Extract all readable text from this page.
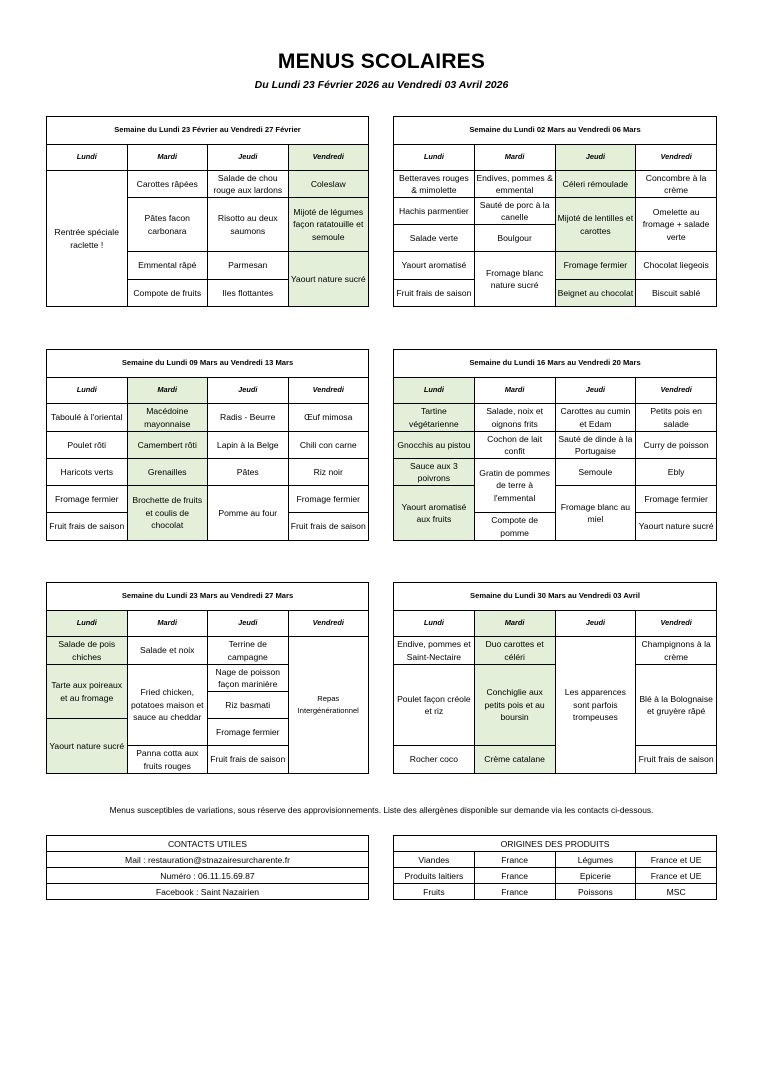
MENUS SCOLAIRES
Du Lundi 23 Février 2026 au Vendredi 03 Avril 2026
Semaine du Lundi 23 Février au Vendredi 27 Février			
Lundi	Mardi	Jeudi	Vendredi
Rentrée spéciale raclette !	Carottes râpées	Salade de chou rouge aux lardons	Coleslaw
	Pâtes facon carbonara	Risotto au deux saumons	Mijoté de légumes façon ratatouille et semoule
	Emmental râpé	Parmesan	Yaourt nature sucré
	Compote de fruits	Iles flottantes	
Semaine du Lundi 02 Mars au Vendredi 06 Mars			
Lundi	Mardi	Jeudi	Vendredi
Betteraves rouges & mimolette	Endives, pommes & emmental	Céleri rémoulade	Concombre à la crème
Hachis parmentier	Sauté de porc à la canelle	Mijoté de lentilles et carottes	Omelette au fromage + salade verte
Salade verte	Boulgour		
Yaourt aromatisé	Fromage blanc nature sucré	Fromage fermier	Chocolat liegeois
Fruit frais de saison		Beignet au chocolat	Biscuit sablé
Semaine du Lundi 09 Mars au Vendredi 13 Mars			
Lundi	Mardi	Jeudi	Vendredi
Taboulé à l'oriental	Macédoine mayonnaise	Radis - Beurre	Œuf mimosa
Poulet rôti	Camembert rôti	Lapin à la Belge	Chili con carne
Haricots verts	Grenailles	Pâtes	Riz noir
Fromage fermier	Brochette de fruits et coulis de chocolat	Pomme au four	Fromage fermier
Fruit frais de saison			Fruit frais de saison
Semaine du Lundi 16 Mars au Vendredi 20 Mars			
Lundi	Mardi	Jeudi	Vendredi
Tartine végétarienne	Salade, noix et oignons frits	Carottes au cumin et Edam	Petits pois en salade
Gnocchis au pistou	Cochon de lait confit	Sauté de dinde à la Portugaise	Curry de poisson
Sauce aux 3 poivrons	Gratin de pommes de terre à l'emmental	Semoule	Ebly
Yaourt aromatisé aux fruits		Fromage blanc au miel	Fromage fermier
	Compote de pomme		Yaourt nature sucré
Semaine du Lundi 23 Mars au Vendredi 27 Mars			
Lundi	Mardi	Jeudi	Vendredi
Salade de pois chiches	Salade et noix	Terrine de campagne	Repas Intergénérationnel
Tarte aux poireaux et au fromage	Fried chicken, potatoes maison et sauce au cheddar	Nage de poisson façon marinière	
		Riz basmati	
Yaourt nature sucré		Fromage fermier	
	Panna cotta aux fruits rouges	Fruit frais de saison	
Semaine du Lundi 30 Mars au Vendredi 03 Avril			
Lundi	Mardi	Jeudi	Vendredi
Endive, pommes et Saint-Nectaire	Duo carottes et céléri	Les apparences sont parfois trompeuses	Champignons à la crème
Poulet façon créole et riz	Conchiglie aux petits pois et au boursin		Blé à la Bolognaise et gruyère râpé

Rocher coco	Crème catalane		Fruit frais de saison
Menus susceptibles de variations, sous réserve des approvisionnements. Liste des allergènes disponible sur demande via les contacts ci-dessous.
CONTACTS UTILES
Mail : restauration@stnazairesurcharente.fr
Numéro : 06.11.15.69.87
Facebook : Saint Nazairien
ORIGINES DES PRODUITS			
Viandes	France	Légumes	France et UE
Produits laitiers	France	Epicerie	France et UE
Fruits	France	Poissons	MSC
